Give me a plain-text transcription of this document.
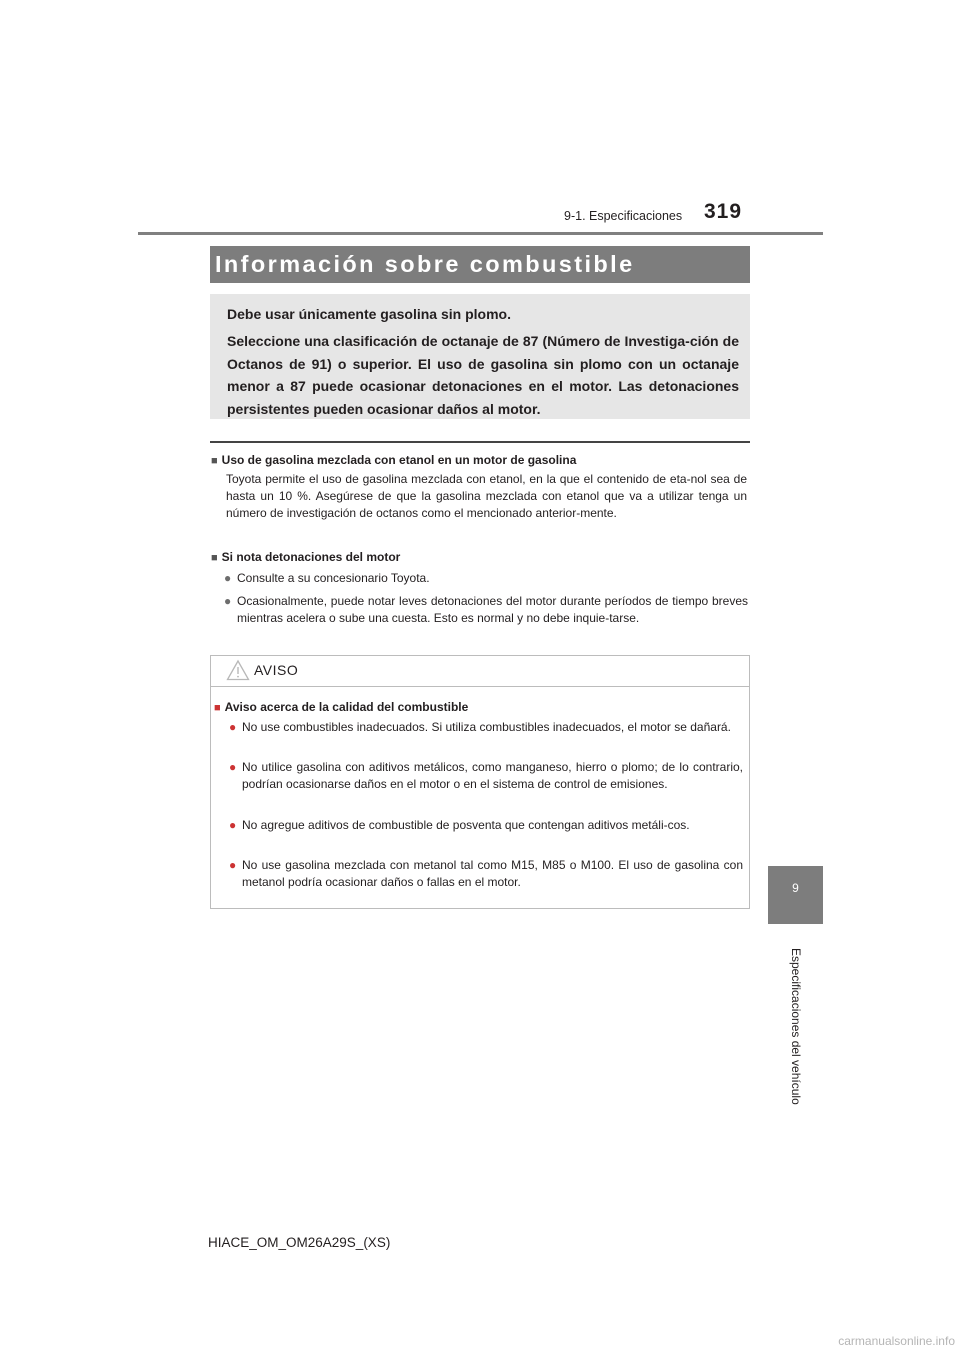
9-1. Especificaciones	319
Información sobre combustible

Debe usar únicamente gasolina sin plomo.

Seleccione una clasificación de octanaje de 87 (Número de Investiga-ción de Octanos de 91) o superior. El uso de gasolina sin plomo con un octanaje menor a 87 puede ocasionar detonaciones en el motor. Las detonaciones persistentes pueden ocasionar daños al motor.

■ Uso de gasolina mezclada con etanol en un motor de gasolina
Toyota permite el uso de gasolina mezclada con etanol, en la que el contenido de eta-nol sea de hasta un 10 %. Asegúrese de que la gasolina mezclada con etanol que va a utilizar tenga un número de investigación de octanos como el mencionado anterior-mente.
■ Si nota detonaciones del motor
● Consulte a su concesionario Toyota.
● Ocasionalmente, puede notar leves detonaciones del motor durante períodos de tiempo breves mientras acelera o sube una cuesta. Esto es normal y no debe inquie-tarse.
AVISO
■ Aviso acerca de la calidad del combustible
● No use combustibles inadecuados. Si utiliza combustibles inadecuados, el motor se dañará.
● No utilice gasolina con aditivos metálicos, como manganeso, hierro o plomo; de lo contrario, podrían ocasionarse daños en el motor o en el sistema de control de emisiones.
● No agregue aditivos de combustible de posventa que contengan aditivos metáli-cos.
● No use gasolina mezclada con metanol tal como M15, M85 o M100. El uso de gasolina con metanol podría ocasionar daños o fallas en el motor.	9
Especificaciones del vehículo
HIACE_OM_OM26A29S_(XS)
carmanualsonline.info
